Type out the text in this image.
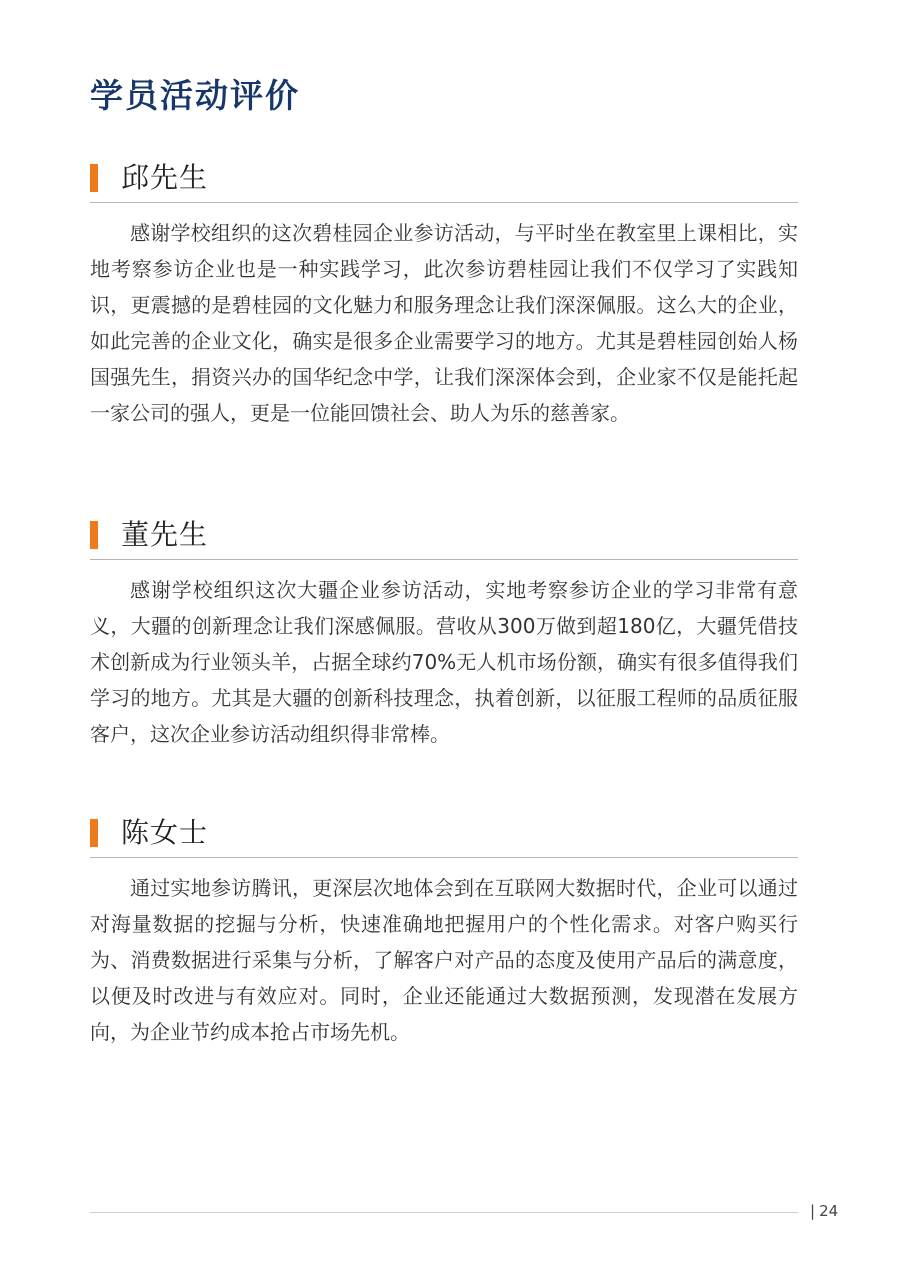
学员活动评价
邱先生

感谢学校组织的这次碧桂园企业参访活动，与平时坐在教室里上课相比，实地考察参访企业也是一种实践学习，此次参访碧桂园让我们不仅学习了实践知识，更震撼的是碧桂园的文化魅力和服务理念让我们深深佩服。这么大的企业，如此完善的企业文化，确实是很多企业需要学习的地方。尤其是碧桂园创始人杨国强先生，捐资兴办的国华纪念中学，让我们深深体会到，企业家不仅是能托起一家公司的强人，更是一位能回馈社会、助人为乐的慈善家。

董先生

感谢学校组织这次大疆企业参访活动，实地考察参访企业的学习非常有意义，大疆的创新理念让我们深感佩服。营收从300万做到超180亿，大疆凭借技术创新成为行业领头羊，占据全球约70%无人机市场份额，确实有很多值得我们学习的地方。尤其是大疆的创新科技理念，执着创新，以征服工程师的品质征服客户，这次企业参访活动组织得非常棒。

陈女士

通过实地参访腾讯，更深层次地体会到在互联网大数据时代，企业可以通过对海量数据的挖掘与分析，快速准确地把握用户的个性化需求。对客户购买行为、消费数据进行采集与分析，了解客户对产品的态度及使用产品后的满意度，以便及时改进与有效应对。同时，企业还能通过大数据预测，发现潜在发展方向，为企业节约成本抢占市场先机。

| 24
